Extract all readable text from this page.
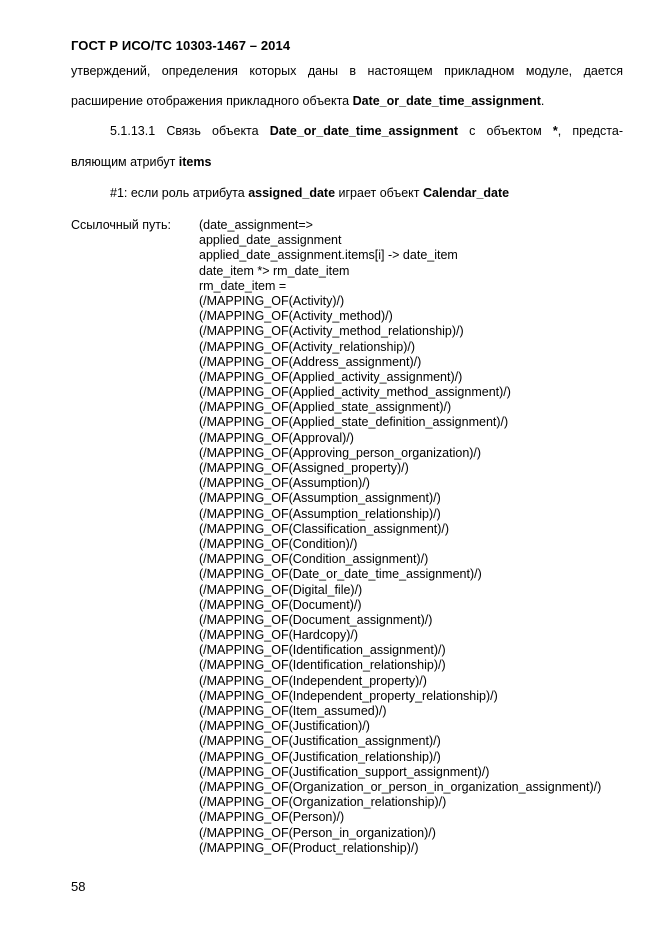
ГОСТ Р ИСО/ТС 10303-1467 – 2014
утверждений, определения которых даны в настоящем прикладном модуле, дается
расширение отображения прикладного объекта Date_or_date_time_assignment.
5.1.13.1 Связь объекта Date_or_date_time_assignment с объектом *, предста-
вляющим атрибут items
#1: если роль атрибута assigned_date играет объект Calendar_date
Ссылочный путь: (date_assignment=>
applied_date_assignment
applied_date_assignment.items[i] -> date_item
date_item *> rm_date_item
rm_date_item =
(/MAPPING_OF(Activity)/)
(/MAPPING_OF(Activity_method)/)
(/MAPPING_OF(Activity_method_relationship)/)
(/MAPPING_OF(Activity_relationship)/)
(/MAPPING_OF(Address_assignment)/)
(/MAPPING_OF(Applied_activity_assignment)/)
(/MAPPING_OF(Applied_activity_method_assignment)/)
(/MAPPING_OF(Applied_state_assignment)/)
(/MAPPING_OF(Applied_state_definition_assignment)/)
(/MAPPING_OF(Approval)/)
(/MAPPING_OF(Approving_person_organization)/)
(/MAPPING_OF(Assigned_property)/)
(/MAPPING_OF(Assumption)/)
(/MAPPING_OF(Assumption_assignment)/)
(/MAPPING_OF(Assumption_relationship)/)
(/MAPPING_OF(Classification_assignment)/)
(/MAPPING_OF(Condition)/)
(/MAPPING_OF(Condition_assignment)/)
(/MAPPING_OF(Date_or_date_time_assignment)/)
(/MAPPING_OF(Digital_file)/)
(/MAPPING_OF(Document)/)
(/MAPPING_OF(Document_assignment)/)
(/MAPPING_OF(Hardcopy)/)
(/MAPPING_OF(Identification_assignment)/)
(/MAPPING_OF(Identification_relationship)/)
(/MAPPING_OF(Independent_property)/)
(/MAPPING_OF(Independent_property_relationship)/)
(/MAPPING_OF(Item_assumed)/)
(/MAPPING_OF(Justification)/)
(/MAPPING_OF(Justification_assignment)/)
(/MAPPING_OF(Justification_relationship)/)
(/MAPPING_OF(Justification_support_assignment)/)
(/MAPPING_OF(Organization_or_person_in_organization_assignment)/)
(/MAPPING_OF(Organization_relationship)/)
(/MAPPING_OF(Person)/)
(/MAPPING_OF(Person_in_organization)/)
(/MAPPING_OF(Product_relationship)/)
58
